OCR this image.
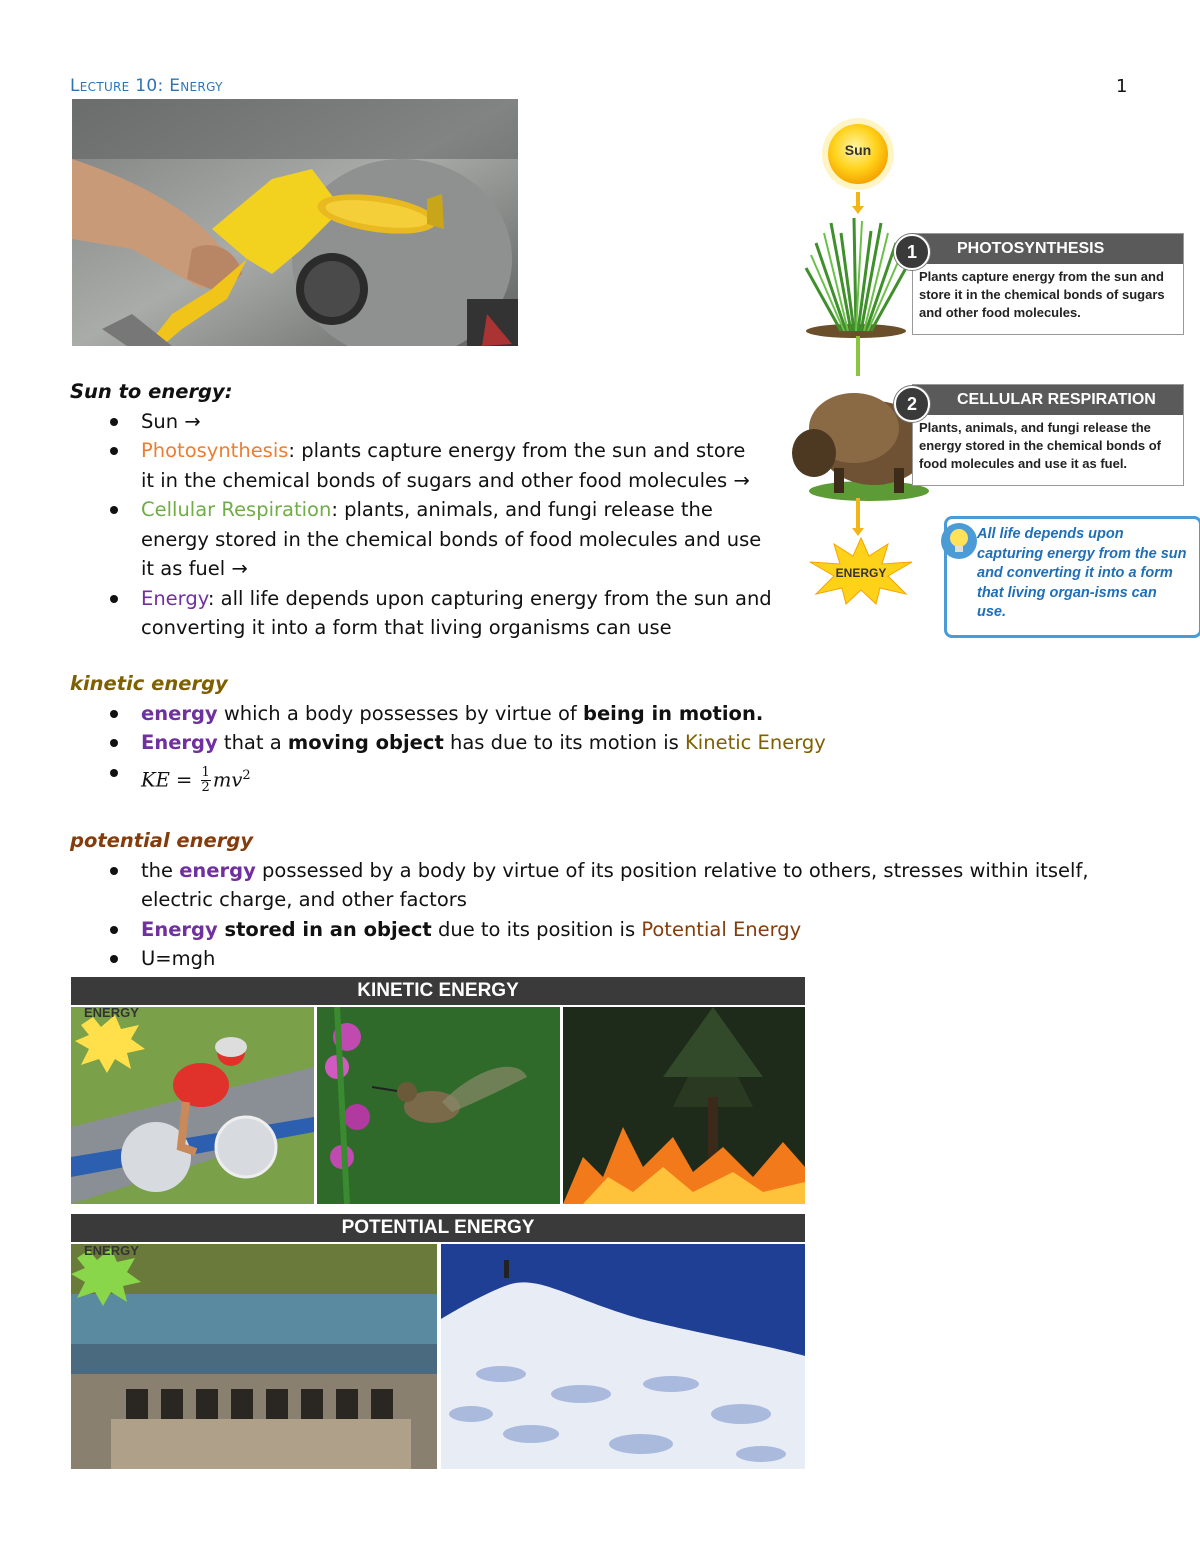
Lecture 10: Energy	1
Sun to energy:
Sun →
Photosynthesis: plants capture energy from the sun and store it in the chemical bonds of sugars and other food molecules →
Cellular Respiration: plants, animals, and fungi release the energy stored in the chemical bonds of food molecules and use it as fuel →
Energy: all life depends upon capturing energy from the sun and converting it into a form that living organisms can use
Sun
ENERGY
PHOTOSYNTHESIS
Plants capture energy from the sun and store it in the chemical bonds of sugars and other food molecules.
1
CELLULAR RESPIRATION
Plants, animals, and fungi release the energy stored in the chemical bonds of food molecules and use it as fuel.
2
All life depends upon capturing energy from the sun and converting it into a form that living organ-isms can use.
kinetic energy
energy which a body possesses by virtue of being in motion.
Energy that a moving object has due to its motion is Kinetic Energy
KE = $\frac{1}{2} mv^2$
potential energy
the energy possessed by a body by virtue of its position relative to others, stresses within itself, electric charge, and other factors
Energy stored in an object due to its position is Potential Energy
U=mgh
KINETIC ENERGY
ENERGY
POTENTIAL ENERGY
ENERGY
